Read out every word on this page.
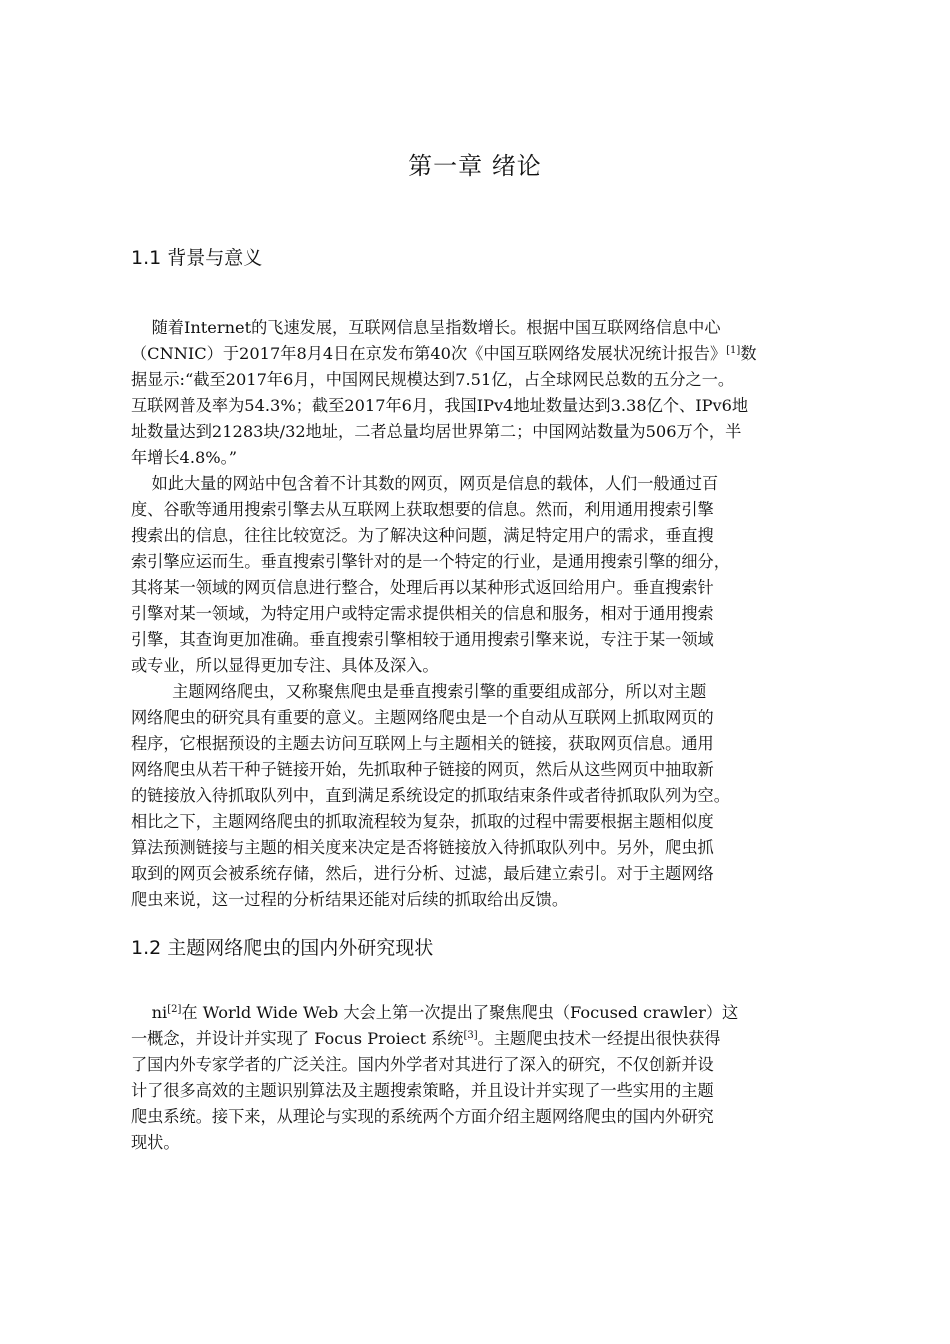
第一章 绪论
1.1 背景与意义
随着Internet的飞速发展，互联网信息呈指数增长。根据中国互联网络信息中心
（CNNIC）于2017年8月4日在京发布第40次《中国互联网络发展状况统计报告》[1]数
据显示:“截至2017年6月，中国网民规模达到7.51亿，占全球网民总数的五分之一。
互联网普及率为54.3%；截至2017年6月，我国IPv4地址数量达到3.38亿个、IPv6地
址数量达到21283块/32地址，二者总量均居世界第二；中国网站数量为506万个，半
年增长4.8%。”
如此大量的网站中包含着不计其数的网页，网页是信息的载体，人们一般通过百
度、谷歌等通用搜索引擎去从互联网上获取想要的信息。然而，利用通用搜索引擎
搜索出的信息，往往比较宽泛。为了解决这种问题，满足特定用户的需求，垂直搜
索引擎应运而生。垂直搜索引擎针对的是一个特定的行业，是通用搜索引擎的细分，
其将某一领域的网页信息进行整合，处理后再以某种形式返回给用户。垂直搜索针
引擎对某一领域，为特定用户或特定需求提供相关的信息和服务，相对于通用搜索
引擎，其查询更加准确。垂直搜索引擎相较于通用搜索引擎来说，专注于某一领域
或专业，所以显得更加专注、具体及深入。
主题网络爬虫，又称聚焦爬虫是垂直搜索引擎的重要组成部分，所以对主题
网络爬虫的研究具有重要的意义。主题网络爬虫是一个自动从互联网上抓取网页的
程序，它根据预设的主题去访问互联网上与主题相关的链接，获取网页信息。通用
网络爬虫从若干种子链接开始，先抓取种子链接的网页，然后从这些网页中抽取新
的链接放入待抓取队列中，直到满足系统设定的抓取结束条件或者待抓取队列为空。
相比之下，主题网络爬虫的抓取流程较为复杂，抓取的过程中需要根据主题相似度
算法预测链接与主题的相关度来决定是否将链接放入待抓取队列中。另外，爬虫抓
取到的网页会被系统存储，然后，进行分析、过滤，最后建立索引。对于主题网络
爬虫来说，这一过程的分析结果还能对后续的抓取给出反馈。
1.2 主题网络爬虫的国内外研究现状
ni[2]在 World Wide Web 大会上第一次提出了聚焦爬虫（Focused crawler）这
一概念，并设计并实现了 Focus Proiect 系统[3]。主题爬虫技术一经提出很快获得
了国内外专家学者的广泛关注。国内外学者对其进行了深入的研究，不仅创新并设
计了很多高效的主题识别算法及主题搜索策略，并且设计并实现了一些实用的主题
爬虫系统。接下来，从理论与实现的系统两个方面介绍主题网络爬虫的国内外研究
现状。
